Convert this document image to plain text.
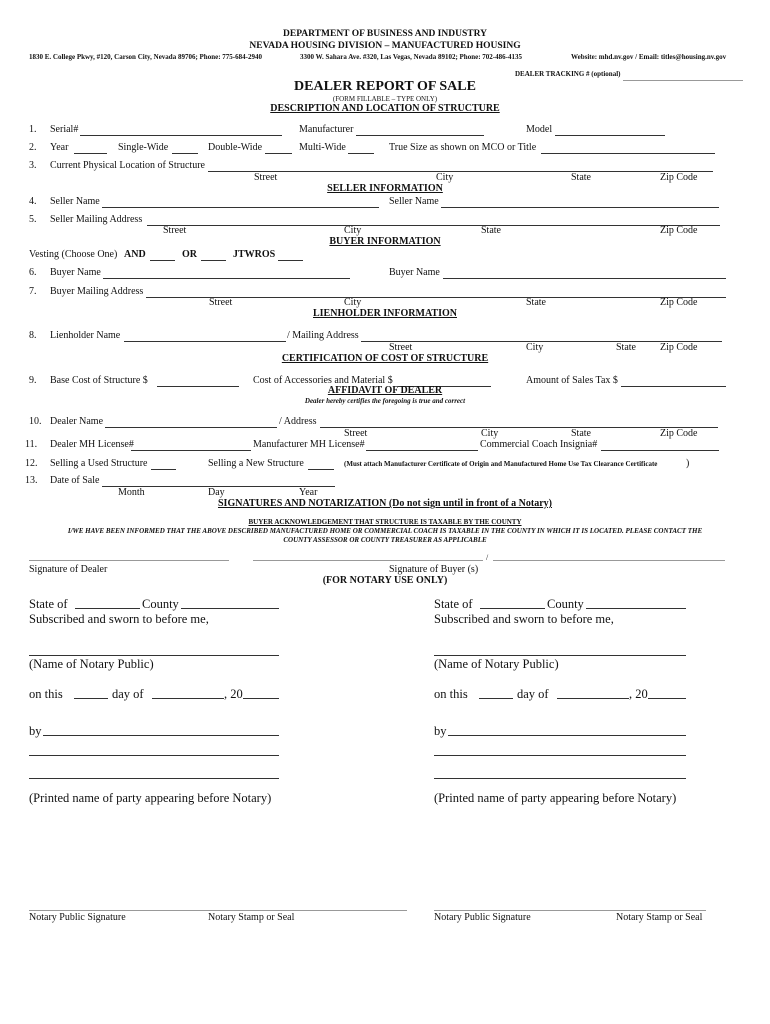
DEPARTMENT OF BUSINESS AND INDUSTRY
NEVADA HOUSING DIVISION – MANUFACTURED HOUSING
1830 E. College Pkwy, #120, Carson City, Nevada 89706; Phone: 775-684-2940	3300 W. Sahara Ave. #320, Las Vegas, Nevada 89102; Phone: 702-486-4135	Website: mhd.nv.gov / Email: titles@housing.nv.gov
DEALER TRACKING # (optional)
DEALER REPORT OF SALE
(FORM FILLABLE – TYPE ONLY)
DESCRIPTION AND LOCATION OF STRUCTURE
1. Serial#	Manufacturer	Model
2. Year	Single-Wide	Double-Wide	Multi-Wide	True Size as shown on MCO or Title
3. Current Physical Location of Structure
Street	City	State	Zip Code
SELLER INFORMATION
4. Seller Name	Seller Name
5. Seller Mailing Address
Street	City	State	Zip Code
BUYER INFORMATION
Vesting (Choose One) AND	OR	JTWROS
6. Buyer Name	Buyer Name
7. Buyer Mailing Address
Street	City	State	Zip Code
LIENHOLDER INFORMATION
8. Lienholder Name	/ Mailing Address
Street	City	State Zip Code
CERTIFICATION OF COST OF STRUCTURE
9. Base Cost of Structure $	Cost of Accessories and Material $	Amount of Sales Tax $
AFFIDAVIT OF DEALER
Dealer hereby certifies the foregoing is true and correct
10. Dealer Name	/ Address
Street	City	State	Zip Code
11. Dealer MH License#	Manufacturer MH License#	Commercial Coach Insignia#
12. Selling a Used Structure	Selling a New Structure	(Must attach Manufacturer Certificate of Origin and Manufactured Home Use Tax Clearance Certificate	)
13. Date of Sale
Month	Day	Year
SIGNATURES AND NOTARIZATION (Do not sign until in front of a Notary)
BUYER ACKNOWLEDGEMENT THAT STRUCTURE IS TAXABLE BY THE COUNTY
I/WE HAVE BEEN INFORMED THAT THE ABOVE DESCRIBED MANUFACTURED HOME OR COMMERCIAL COACH IS TAXABLE IN THE COUNTY IN WHICH IT IS LOCATED. PLEASE CONTACT THE
COUNTY ASSESSOR OR COUNTY TREASURER AS APPLICABLE
/
Signature of Dealer	Signature of Buyer (s)
(FOR NOTARY USE ONLY)
State of	County
Subscribed and sworn to before me,
(Name of Notary Public)
on this	day of	, 20
by
(Printed name of party appearing before Notary)
State of	County
Subscribed and sworn to before me,
(Name of Notary Public)
on this	day of	, 20
by
(Printed name of party appearing before Notary)
Notary Public Signature	Notary Stamp or Seal	Notary Public Signature	Notary Stamp or Seal
